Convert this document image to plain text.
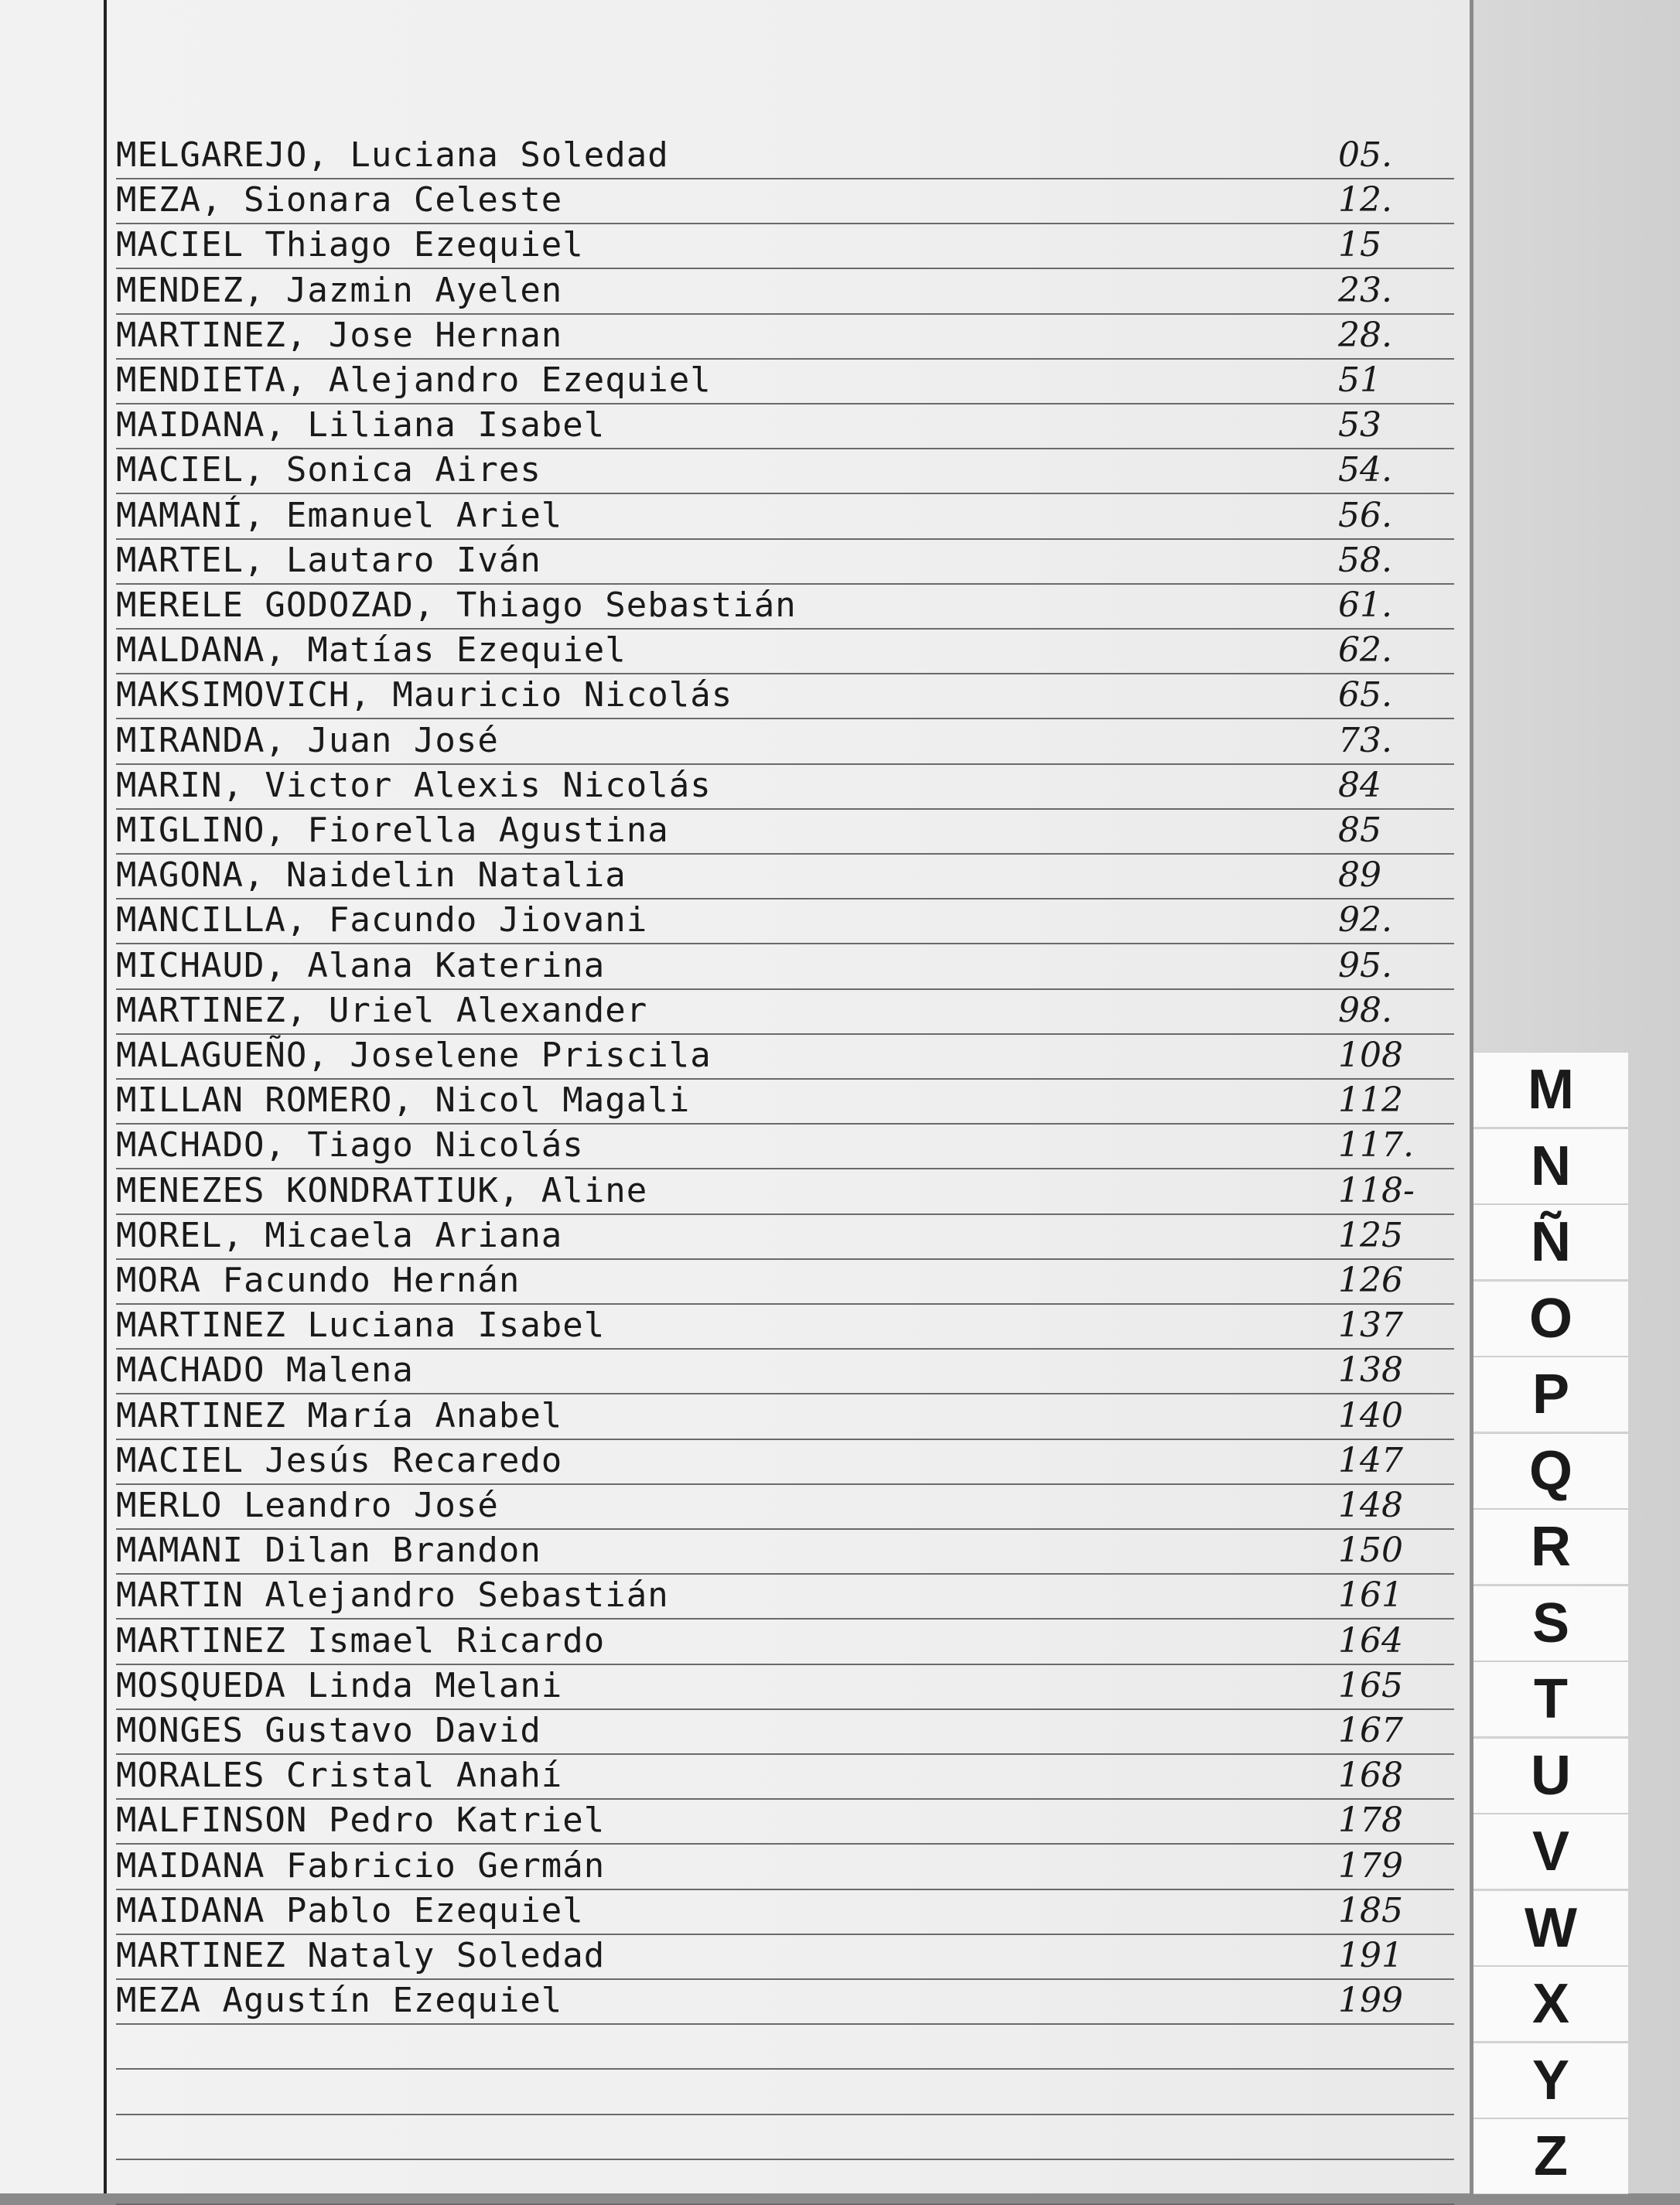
MELGAREJO, Luciana Soledad	05.
MEZA, Sionara Celeste	12.
MACIEL Thiago Ezequiel	15
MENDEZ, Jazmin Ayelen	23.
MARTINEZ, Jose Hernan	28.
MENDIETA, Alejandro Ezequiel	51
MAIDANA, Liliana Isabel	53
MACIEL, Sonica Aires	54.
MAMANÍ, Emanuel Ariel	56.
MARTEL, Lautaro Iván	58.
MERELE GODOZAD, Thiago Sebastián	61.
MALDANA, Matías Ezequiel	62.
MAKSIMOVICH, Mauricio Nicolás	65.
MIRANDA, Juan José	73.
MARIN, Victor Alexis Nicolás	84
MIGLINO, Fiorella Agustina	85
MAGONA, Naidelin Natalia	89
MANCILLA, Facundo Jiovani	92.
MICHAUD, Alana Katerina	95.
MARTINEZ, Uriel Alexander	98.
MALAGUEÑO, Joselene Priscila	108
MILLAN ROMERO, Nicol Magali	112
MACHADO, Tiago Nicolás	117.
MENEZES KONDRATIUK, Aline	118-
MOREL, Micaela Ariana	125
MORA Facundo Hernán	126
MARTINEZ Luciana Isabel	137
MACHADO Malena	138
MARTINEZ María Anabel	140
MACIEL Jesús Recaredo	147
MERLO Leandro José	148
MAMANI Dilan Brandon	150
MARTIN Alejandro Sebastián	161
MARTINEZ Ismael Ricardo	164
MOSQUEDA Linda Melani	165
MONGES Gustavo David	167
MORALES Cristal Anahí	168
MALFINSON Pedro Katriel	178
MAIDANA Fabricio Germán	179
MAIDANA Pablo Ezequiel	185
MARTINEZ Nataly Soledad	191
MEZA Agustín Ezequiel	199
M
N
Ñ
O
P
Q
R
S
T
U
V
W
X
Y
Z
